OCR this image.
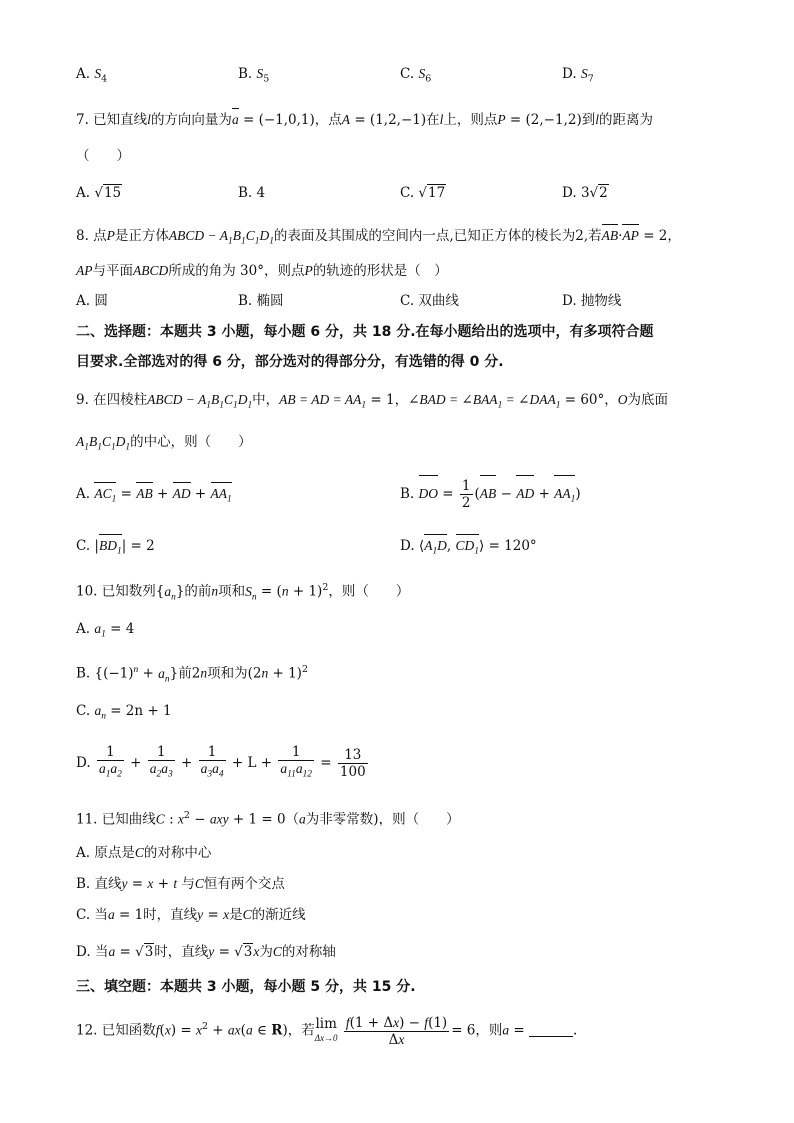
A. $S_4$	B. $S_5$	C. $S_6$	D. $S_7$
7. 已知直线l的方向向量为a = (−1,0,1)，点A = (1,2,−1)在l上，则点P = (2,−1,2)到l的距离为
（　　）
A. √15	B. 4	C. √17	D. 3√2
8. 点P是正方体ABCD − $A_1B_1C_1D_1$的表面及其围成的空间内一点,已知正方体的棱长为2,若AB·AP = 2，
AP与平面ABCD所成的角为 30°，则点P的轨迹的形状是（　）
A. 圆	B. 椭圆	C. 双曲线	D. 抛物线
二、选择题：本题共 3 小题，每小题 6 分，共 18 分.在每小题给出的选项中，有多项符合题
目要求.全部选对的得 6 分，部分选对的得部分分，有选错的得 0 分.
9. 在四棱柱ABCD − $A_1B_1C_1D_1$中，AB = AD = $AA_1 = 1$，∠BAD = $\angle BAA_1$ = $\angle DAA_1 = 60^\circ$，O为底面
$A_1B_1C_1D_1$的中心，则（　　）
A. $AC_1$ = AB + AD + $AA_1$	B. DO = $\frac{1}{2} (AB$ − AD + $AA_1$)
C. $|BD_1| = 2$	D. $⟨A_1D$, $CD_1⟩ = 120^\circ$
10. 已知数列$\{a_n\}$的前n项和$S_n = (n + 1)^2$，则（　　）
A. $a_1 = 4$
B. $\{(-1)^n + a_n\}$前2n项和为$(2n + 1)^2$
C. $a_n = 2n + 1$
D. $\frac{1}{a_1a_2} + \frac{1}{a_2a_3} + \frac{1}{a_3a_4} + L + \frac{1}{a_{11}a_{12}} = \frac{13}{100}$
11. 已知曲线C : $x^2$ − axy + 1 = 0（a为非零常数)，则（　　）
A. 原点是C的对称中心
B. 直线y = x + t 与C恒有两个交点
C. 当a = 1时，直线y = x是C的渐近线
D. 当a = √3时，直线y = √3x为C的对称轴
三、填空题：本题共 3 小题，每小题 5 分，共 15 分.
12. 已知函数$f(x) = x^2 + ax(a$ ∈ R)，若 lim
Δx→0
$\frac{f(1 + \Delta x) - f(1)}{\Delta x} = 6$，则a =	.
